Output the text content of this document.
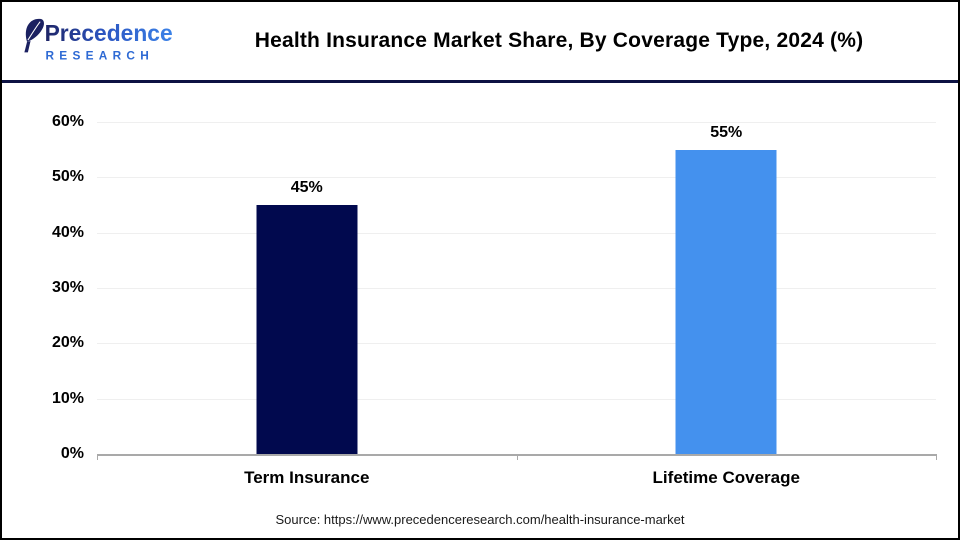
Precedence
RESEARCH
Health Insurance Market Share, By Coverage Type, 2024 (%)
0%
10%
20%
30%
40%
50%
60%
45%
55%
Term Insurance	Lifetime Coverage
Source: https://www.precedenceresearch.com/health-insurance-market
